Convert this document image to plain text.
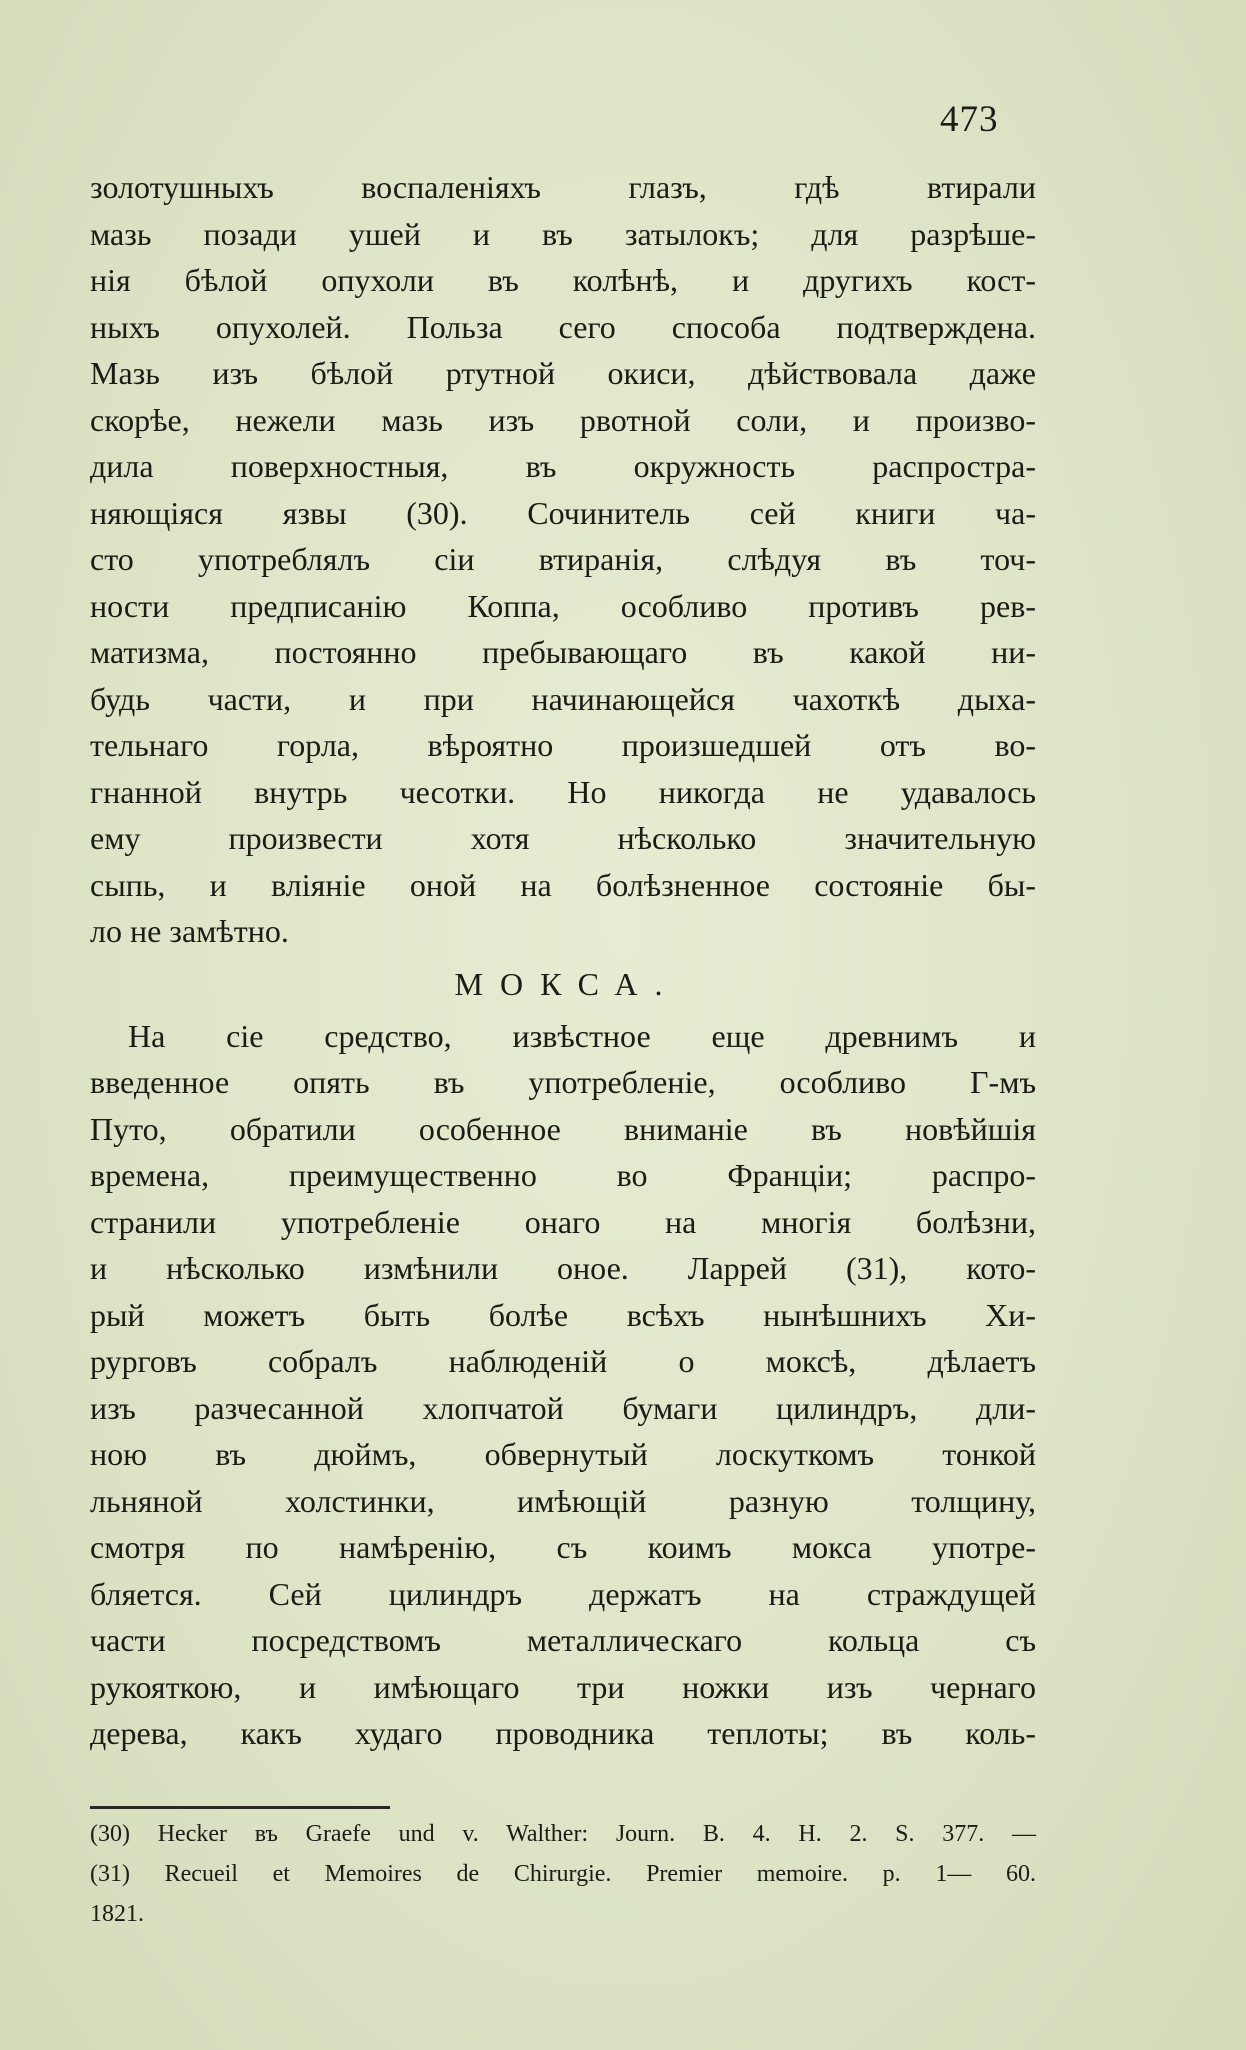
473
золотушныхъ воспаленіяхъ глазъ, гдѣ втирали
мазь позади ушей и въ затылокъ; для разрѣше-
нія бѣлой опухоли въ колѣнѣ, и другихъ кост-
ныхъ опухолей. Польза сего способа подтверждена.
Мазь изъ бѣлой ртутной окиси, дѣйствовала даже
скорѣе, нежели мазь изъ рвотной соли, и произво-
дила поверхностныя, въ окружность распростра-
няющіяся язвы (30). Сочинитель сей книги ча-
сто употреблялъ сіи втиранія, слѣдуя въ точ-
ности предписанію Коппа, особливо противъ рев-
матизма, постоянно пребывающаго въ какой ни-
будь части, и при начинающейся чахоткѣ дыха-
тельнаго горла, вѣроятно произшедшей отъ во-
гнанной внутрь чесотки. Но никогда не удавалось
ему произвести хотя нѣсколько значительную
сыпь, и вліяніе оной на болѣзненное состояніе бы-
ло не замѣтно.
МОКСА.
На сіе средство, извѣстное еще древнимъ и
введенное опять въ употребленіе, особливо Г-мъ
Путо, обратили особенное вниманіе въ новѣйшія
времена, преимущественно во Франціи; распро-
странили употребленіе онаго на многія болѣзни,
и нѣсколько измѣнили оное. Ларрей (31), кото-
рый можетъ быть болѣе всѣхъ нынѣшнихъ Хи-
рурговъ собралъ наблюденій о моксѣ, дѣлаетъ
изъ разчесанной хлопчатой бумаги цилиндръ, дли-
ною въ дюймъ, обвернутый лоскуткомъ тонкой
льняной холстинки, имѣющій разную толщину,
смотря по намѣренію, съ коимъ мокса употре-
бляется. Сей цилиндръ держатъ на страждущей
части посредствомъ металлическаго кольца съ
рукояткою, и имѣющаго три ножки изъ чернаго
дерева, какъ худаго проводника теплоты; въ коль-
(30) Hecker въ Graefe und v. Walther: Journ. B. 4. H. 2. S. 377. —
(31) Recueil et Memoires de Chirurgie. Premier memoire. p. 1— 60.
1821.
